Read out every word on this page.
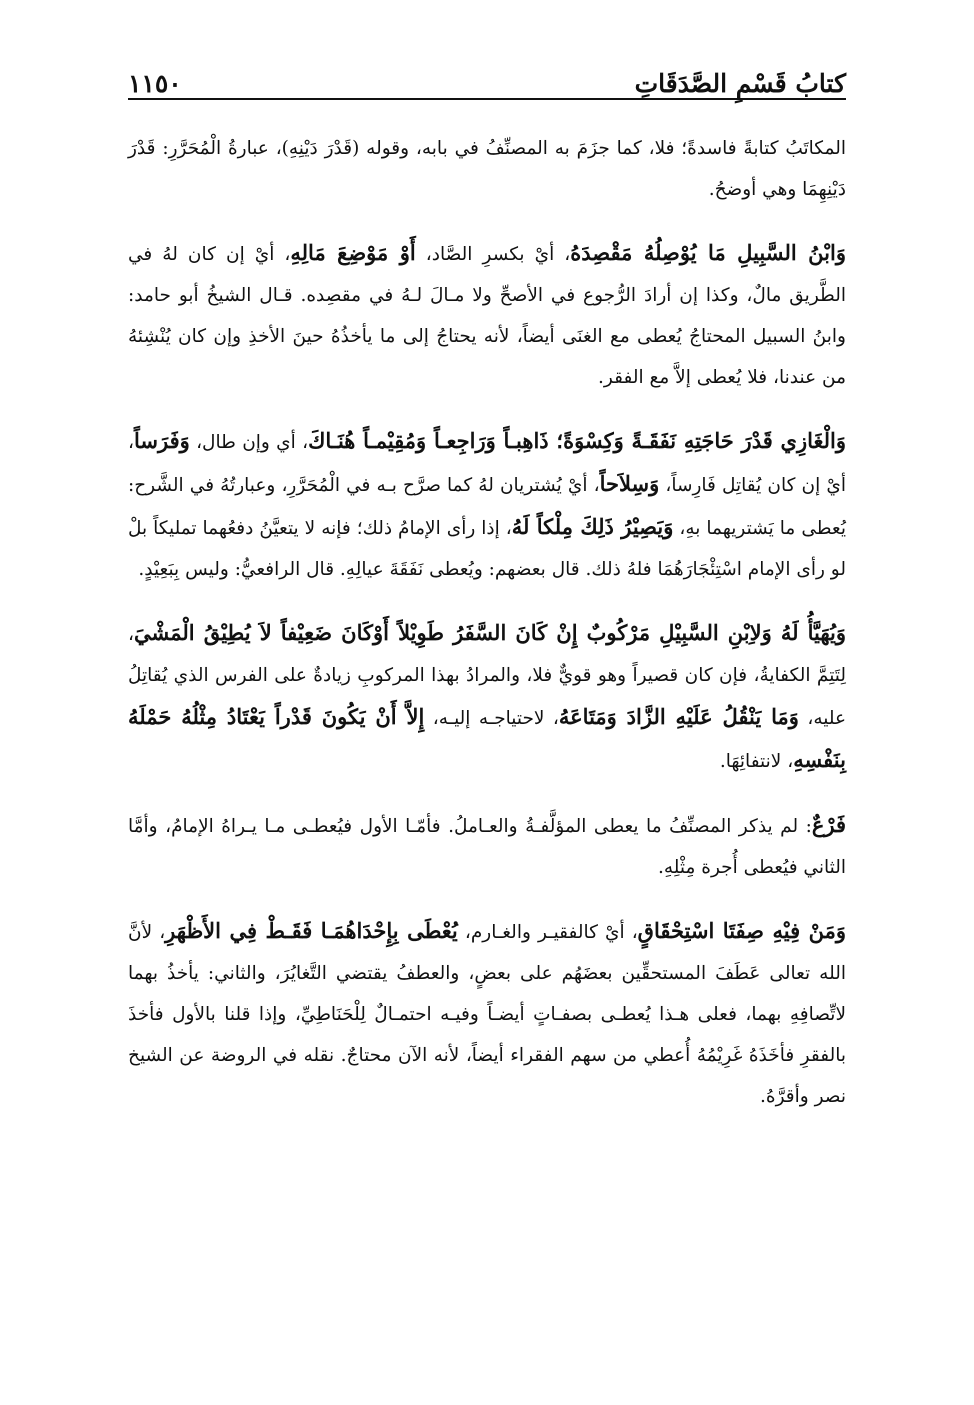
كتابُ قَسْمِ الصَّدَقَاتِ
١١٥٠

المكاتَبُ كتابةً فاسدةً؛ فلا، كما جزَمَ به المصنِّفُ في بابه، وقوله (قَدْرَ دَيْنِهِ)، عبارةُ الْمُحَرَّرِ: قَدْرَ دَيْنِهِمَا وهي أوضحُ.

وَابْنُ السَّبِيلِ مَا يُوْصِلُهُ مَقْصِدَهُ، أيْ بكسرِ الصَّاد، أَوْ مَوْضِعَ مَالِهِ، أيْ إن كان لهُ في الطَّريق مالٌ، وكذا إن أرادَ الرُّجوع في الأصحِّ ولا مـالَ لـهُ في مقصِده. قـال الشيخُ أبو حامد: وابنُ السبيل المحتاجُ يُعطى مع الغنَى أيضاً، لأنه يحتاجُ إلى ما يأخذُهُ حينَ الأخذِ وإن كان يُنْشِئهُ من عندنا، فلا يُعطى إلاَّ مع الفقر.

وَالْغَازِي قَدْرَ حَاجَتِهِ نَفَقَـةً وَكِسْوَةً؛ ذَاهِبـاً وَرَاجِعـاً وَمُقِيْمـاً هُنَـاكَ، أي وإن طال، وَفَرَساً، أيْ إن كان يُقاتِل فَارِساً، وَسِلاَحاً، أيْ يُشتريان لهُ كما صرَّح بـه في الْمُحَرَّرِ، وعبارتُهُ في الشَّرح: يُعطى ما يَشتريهما بهِ، وَيَصِيْرُ ذَلِكَ مِلْكاً لَهُ، إذا رأى الإمامُ ذلك؛ فإنه لا يتعيَّنُ دفعُهما تمليكاً بلْ لو رأى الإمام اسْتِئْجَارَهُمَا فلهُ ذلك. قال بعضهم: ويُعطى نَفَقَةَ عيالِهِ. قال الرافعيُّ: وليس بِبَعِيْدٍ.

وَيُهَيَّأُ لَهُ وَلاِبْنِ السَّبِيْلِ مَرْكُوبٌ إِنْ كَانَ السَّفَرُ طَوِيْلاً أَوْكَانَ ضَعِيْفاً لاَ يُطِيْقُ الْمَشْيَ، لِتَتِمَّ الكفايةُ، فإن كان قصيراً وهو قويٌّ فلا، والمرادُ بهذا المركوبِ زيادةٌ على الفرس الذي يُقاتِلُ عليه، وَمَا يَنْقُلُ عَلَيْهِ الزَّادَ وَمَتَاعَهُ، لاحتياجـه إليـه، إِلاَّ أَنْ يَكُونَ قَدْراً يَعْتَادُ مِثْلُهُ حَمْلَهُ بِنَفْسِهِ، لانتفائِهَا.

فَرْعٌ: لم يذكر المصنِّفُ ما يعطى المؤلَّفـةُ والعـاملُ. فأمّـا الأول فيُعطـى مـا يـراهُ الإمامُ، وأمَّا الثاني فيُعطى أُجرة مِثْلِهِ.

وَمَنْ فِيْهِ صِفَتَا اسْتِحْقَاقٍ، أيْ كالفقيـر والغـارم، يُعْطَى بِإِحْدَاهُمَـا فَقَـطْ فِي الأَظْهَرِ، لأنَّ الله تعالى عَطَفَ المستحقِّين بعضَهُم على بعضٍ، والعطفُ يقتضي التَّغايُرَ، والثاني: يأخذُ بهما لاتِّصافِهِ بهما، فعلى هـذا يُعطـى بصفـاتٍ أيضـاً وفيـه احتمـالٌ لِلْحَنَاطِيِّ، وإذا قلنا بالأول فأخذَ بالفقرِ فأخَذَهُ غَرِيْمُهُ أُعطي من سهم الفقراء أيضاً، لأنه الآن محتاجٌ. نقله في الروضة عن الشيخ نصر وأقرَّهُ.
